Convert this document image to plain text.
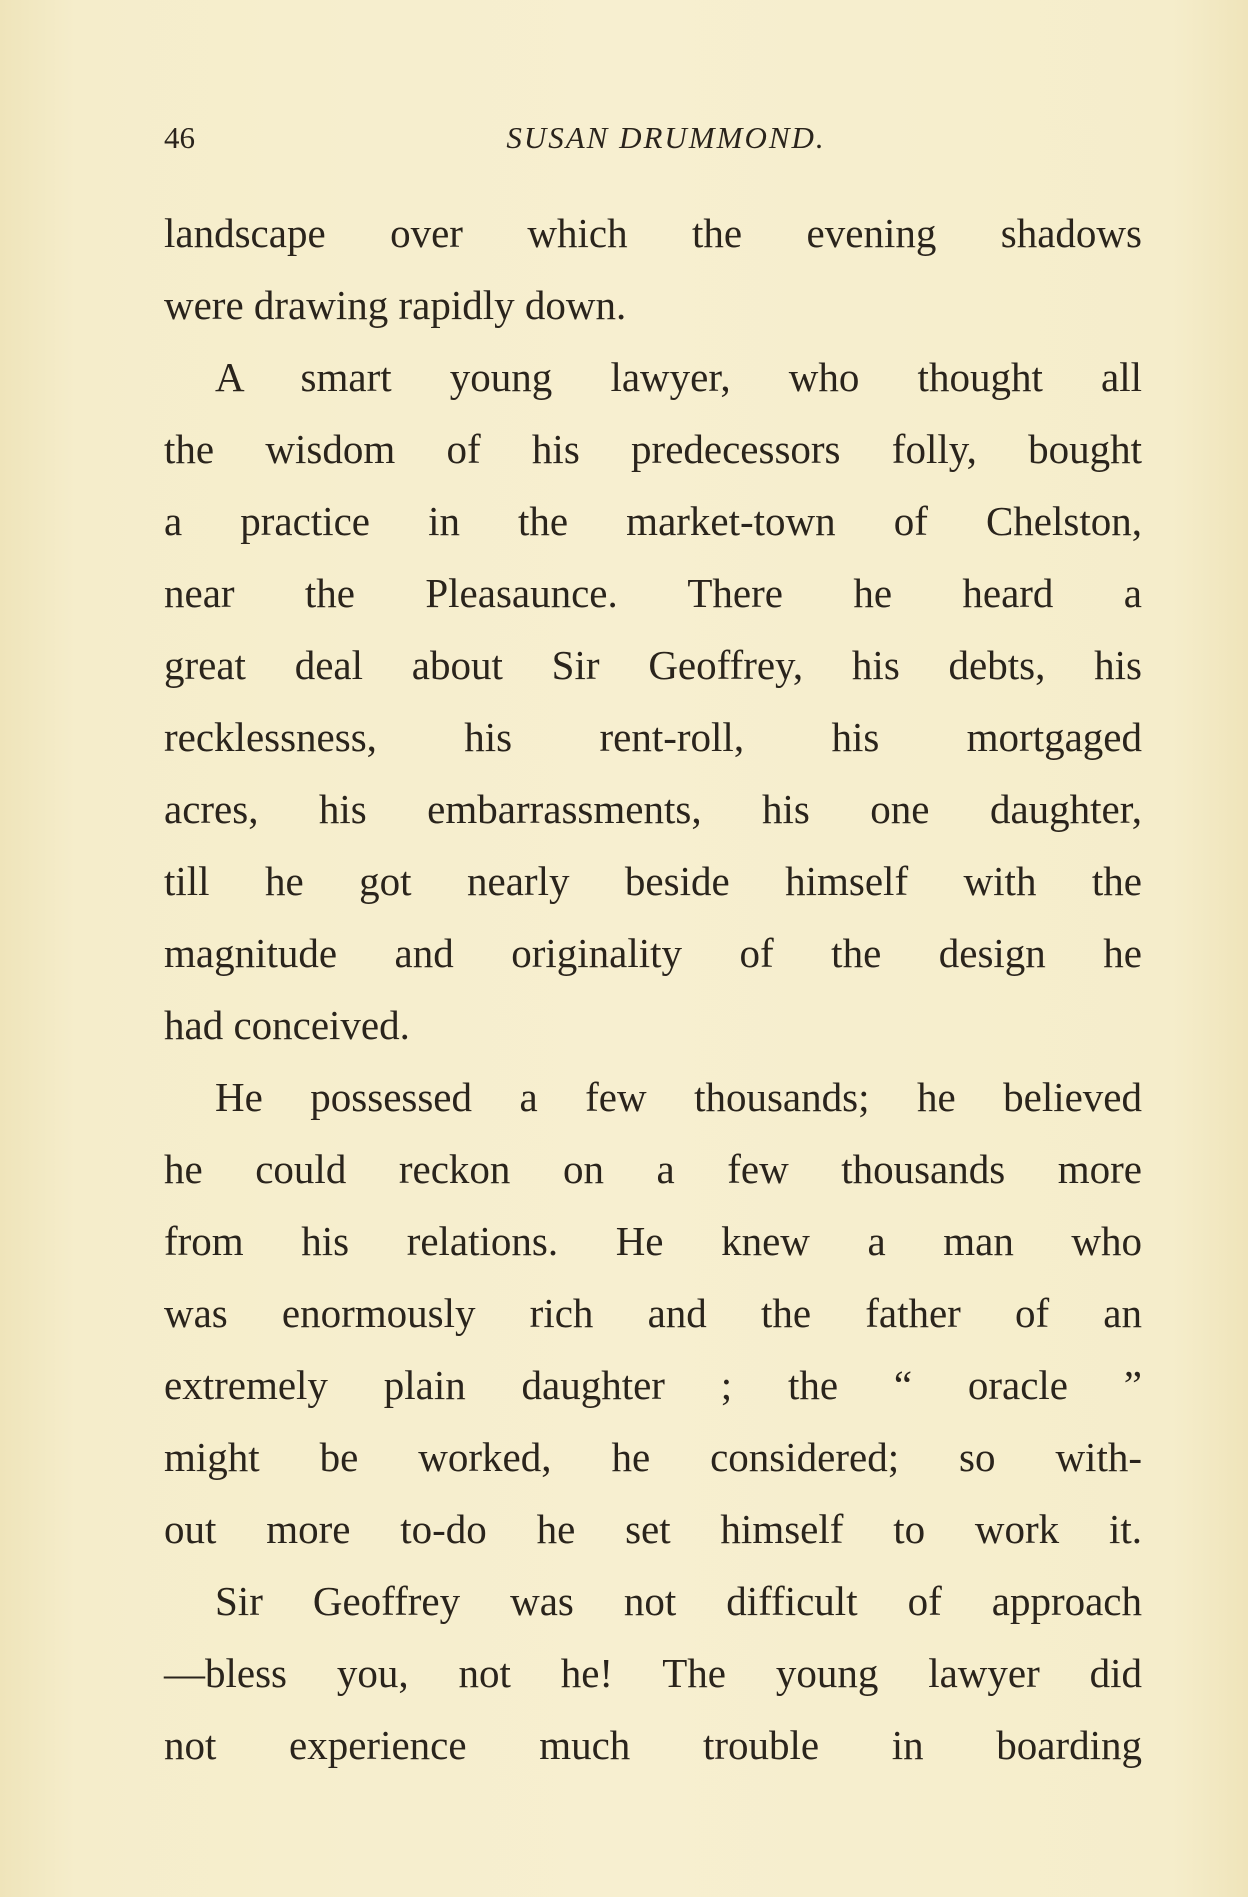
46	SUSAN DRUMMOND.
landscape over which the evening shadows
were drawing rapidly down.
A smart young lawyer, who thought all
the wisdom of his predecessors folly, bought
a practice in the market-town of Chelston,
near the Pleasaunce. There he heard a
great deal about Sir Geoffrey, his debts, his
recklessness, his rent-roll, his mortgaged
acres, his embarrassments, his one daughter,
till he got nearly beside himself with the
magnitude and originality of the design he
had conceived.
He possessed a few thousands; he believed
he could reckon on a few thousands more
from his relations. He knew a man who
was enormously rich and the father of an
extremely plain daughter ; the “ oracle ”
might be worked, he considered; so with-
out more to-do he set himself to work it.
Sir Geoffrey was not difficult of approach
—bless you, not he! The young lawyer did
not experience much trouble in boarding
